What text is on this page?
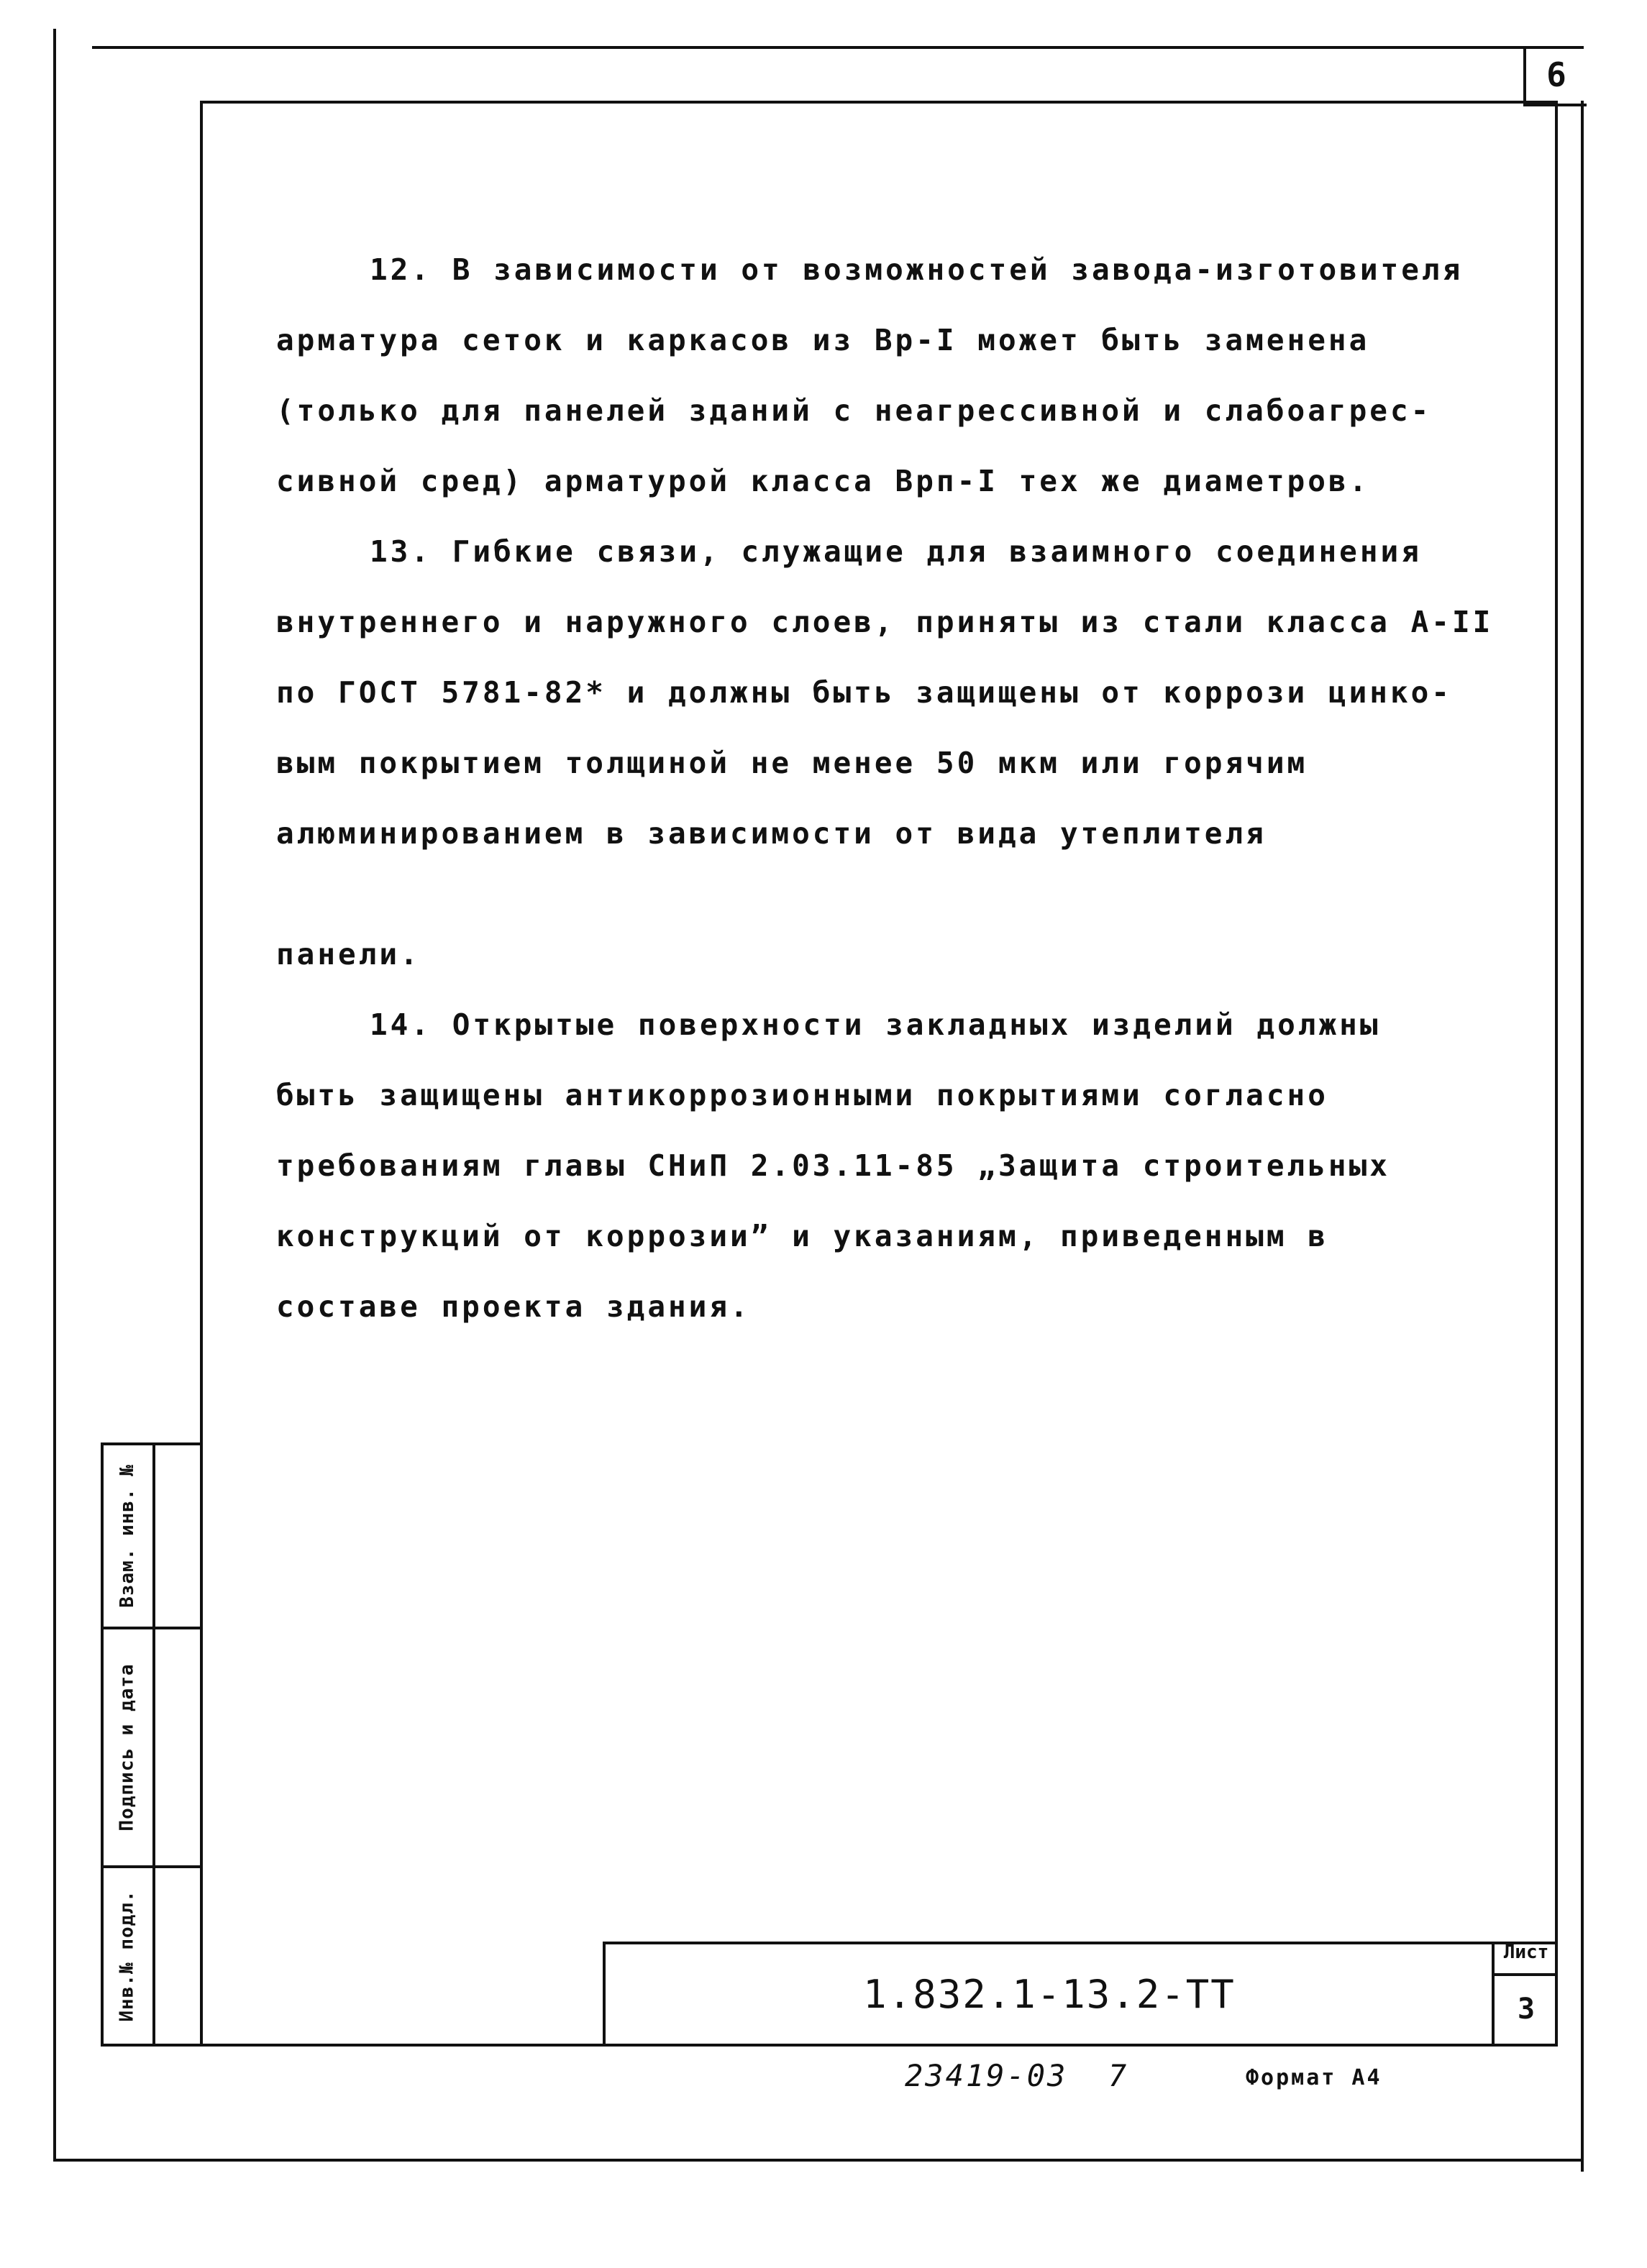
6
12. В зависимости от возможностей завода-изготовителя
арматура сеток и каркасов из Вр-I может быть заменена
(только для панелей зданий с неагрессивной и слабоагрес-
сивной сред) арматурой класса Врп-I тех же диаметров.
13. Гибкие связи, служащие для взаимного соединения
внутреннего и наружного слоев, приняты из стали класса А-II
по ГОСТ 5781-82* и должны быть защищены от коррози цинко-
вым покрытием толщиной не менее 50 мкм или горячим
алюминированием в зависимости от вида утеплителя
панели.
14. Открытые поверхности закладных изделий должны
быть защищены антикоррозионными покрытиями согласно
требованиям главы СНиП 2.03.11-85 „Защита строительных
конструкций от коррозии” и указаниям, приведенным в
составе проекта здания.
Взам. инв. №
Подпись и дата
Инв.№ подл.	1.832.1-13.2-ТТ
Лист
3
23419-03  7	Формат А4
